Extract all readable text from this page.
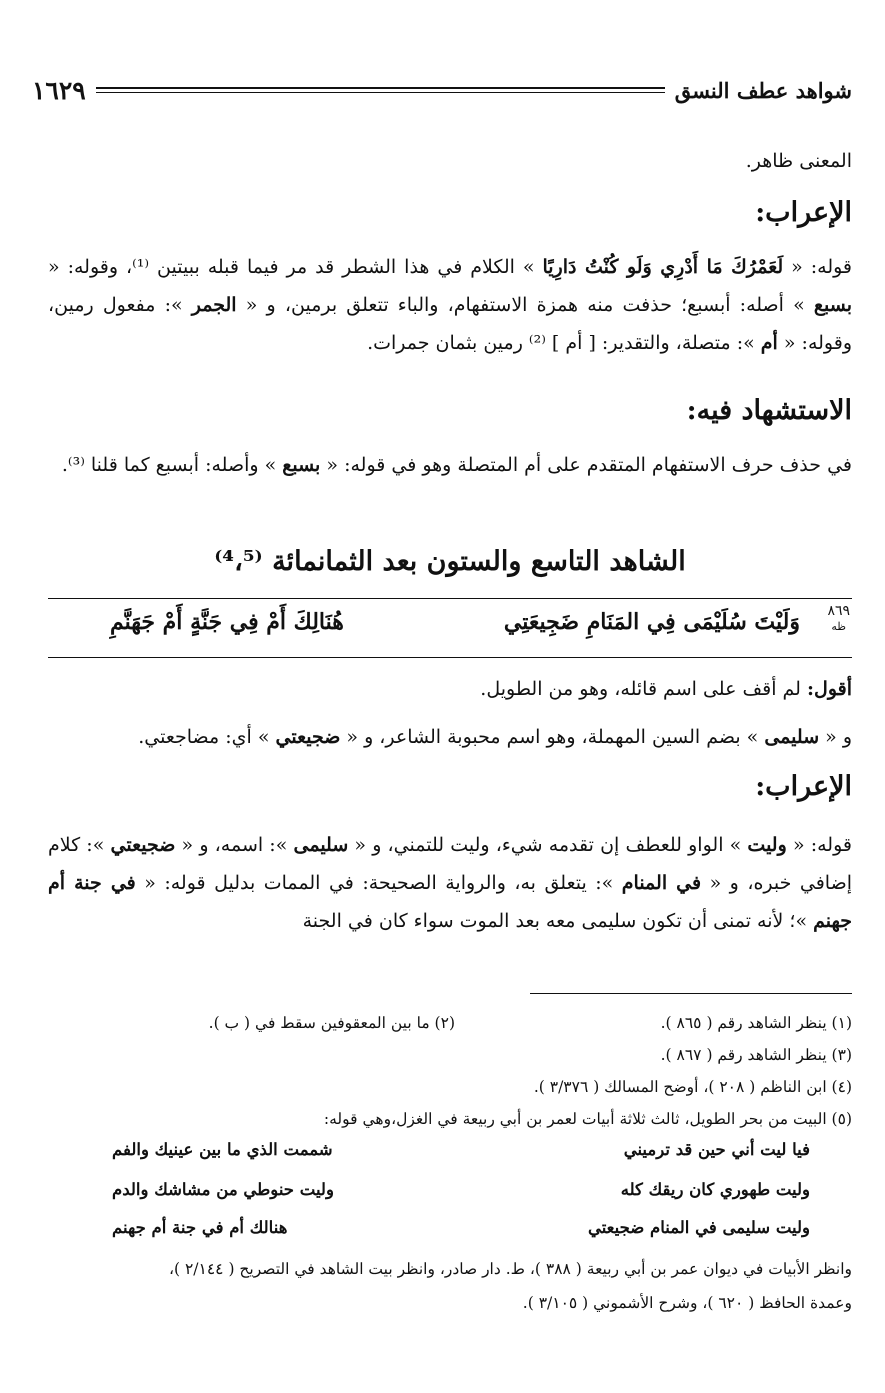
شواهد عطف النسق
١٦٢٩
المعنى ظاهر.
الإعراب:
قوله: « لَعَمْرُكَ مَا أَدْرِي وَلَو كُنْتُ دَارِيًا » الكلام في هذا الشطر قد مر فيما قبله ببيتين ⁽¹⁾، وقوله: « بسبع » أصله: أبسبع؛ حذفت منه همزة الاستفهام، والباء تتعلق برمين، و « الجمر »: مفعول رمين، وقوله: « أم »: متصلة، والتقدير: [ أم ] ⁽²⁾ رمين بثمان جمرات.
الاستشهاد فيه:
في حذف حرف الاستفهام المتقدم على أم المتصلة وهو في قوله: « بسبع » وأصله: أبسبع كما قلنا ⁽³⁾.
الشاهد التاسع والستون بعد الثمانمائة ⁽⁴،⁵⁾
٨٦٩
ظه
وَلَيْتَ سُلَيْمَى فِي المَنَامِ ضَجِيعَتِي
هُنَالِكَ أَمْ فِي جَنَّةٍ أَمْ جَهَنَّمِ
أقول: لم أقف على اسم قائله، وهو من الطويل.
و « سليمى » بضم السين المهملة، وهو اسم محبوبة الشاعر، و « ضجيعتي » أي: مضاجعتي.
الإعراب:
قوله: « وليت » الواو للعطف إن تقدمه شيء، وليت للتمني، و « سليمى »: اسمه، و « ضجيعتي »: كلام إضافي خبره، و « في المنام »: يتعلق به، والرواية الصحيحة: في الممات بدليل قوله: « في جنة أم جهنم »؛ لأنه تمنى أن تكون سليمى معه بعد الموت سواء كان في الجنة
(١) ينظر الشاهد رقم ( ٨٦٥ ).
(٢) ما بين المعقوفين سقط في ( ب ).
(٣) ينظر الشاهد رقم ( ٨٦٧ ).
(٤) ابن الناظم ( ٢٠٨ )، أوضح المسالك ( ٣/٣٧٦ ).
(٥) البيت من بحر الطويل، ثالث ثلاثة أبيات لعمر بن أبي ربيعة في الغزل،وهي قوله:
فيا ليت أني حين قد ترميني
شممت الذي ما بين عينيك والفم
وليت طهوري كان ريقك كله
وليت حنوطي من مشاشك والدم
وليت سليمى في المنام ضجيعتي
هنالك أم في جنة أم جهنم
وانظر الأبيات في ديوان عمر بن أبي ربيعة ( ٣٨٨ )، ط. دار صادر، وانظر بيت الشاهد في التصريح ( ٢/١٤٤ )،
وعمدة الحافظ ( ٦٢٠ )، وشرح الأشموني ( ٣/١٠٥ ).
